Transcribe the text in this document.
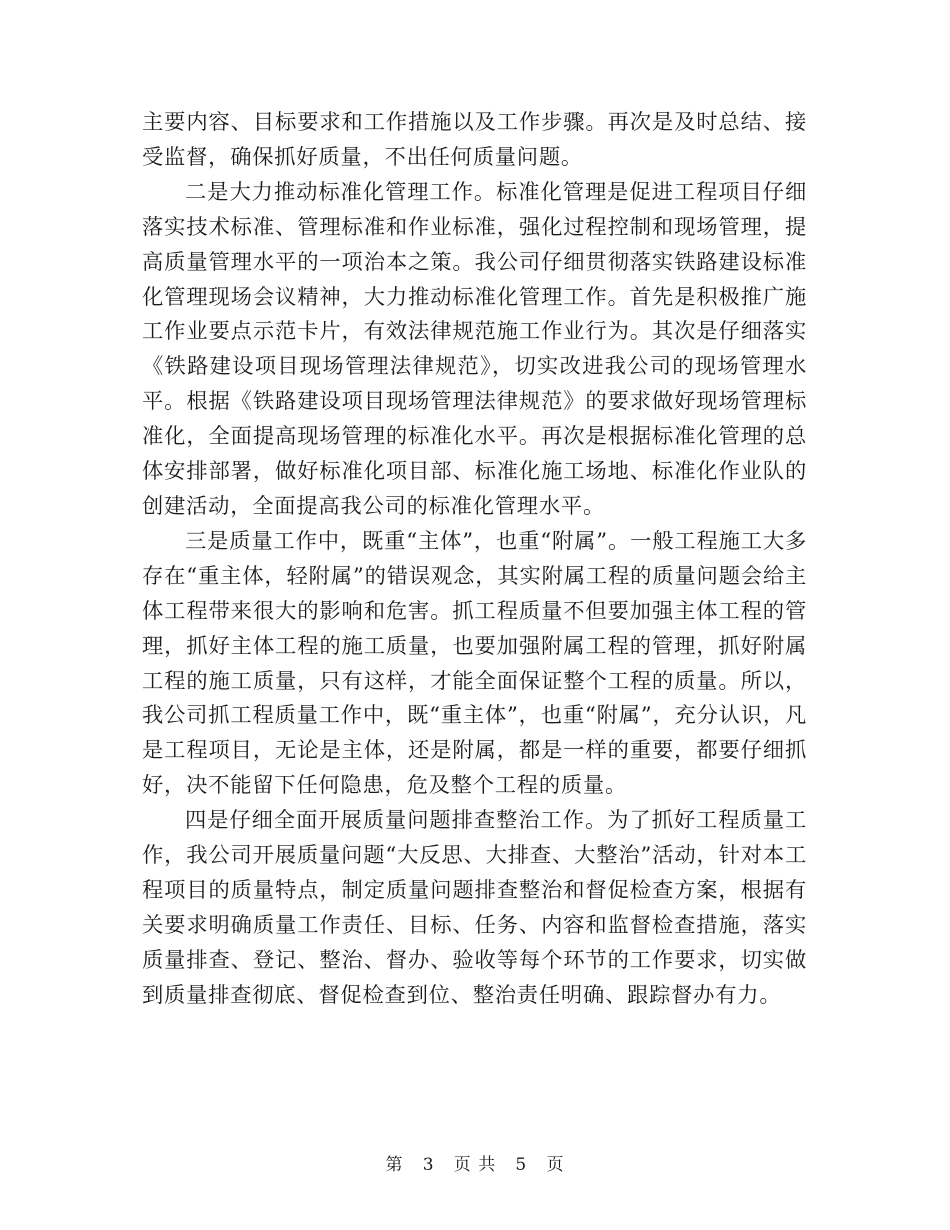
主要内容、目标要求和工作措施以及工作步骤。再次是及时总结、接受监督，确保抓好质量，不出任何质量问题。

二是大力推动标准化管理工作。标准化管理是促进工程项目仔细落实技术标准、管理标准和作业标准，强化过程控制和现场管理，提高质量管理水平的一项治本之策。我公司仔细贯彻落实铁路建设标准化管理现场会议精神，大力推动标准化管理工作。首先是积极推广施工作业要点示范卡片，有效法律规范施工作业行为。其次是仔细落实《铁路建设项目现场管理法律规范》，切实改进我公司的现场管理水平。根据《铁路建设项目现场管理法律规范》的要求做好现场管理标准化，全面提高现场管理的标准化水平。再次是根据标准化管理的总体安排部署，做好标准化项目部、标准化施工场地、标准化作业队的创建活动，全面提高我公司的标准化管理水平。

三是质量工作中，既重“主体”，也重“附属”。一般工程施工大多存在“重主体，轻附属”的错误观念，其实附属工程的质量问题会给主体工程带来很大的影响和危害。抓工程质量不但要加强主体工程的管理，抓好主体工程的施工质量，也要加强附属工程的管理，抓好附属工程的施工质量，只有这样，才能全面保证整个工程的质量。所以，我公司抓工程质量工作中，既“重主体”，也重“附属”，充分认识，凡是工程项目，无论是主体，还是附属，都是一样的重要，都要仔细抓好，决不能留下任何隐患，危及整个工程的质量。

四是仔细全面开展质量问题排查整治工作。为了抓好工程质量工作，我公司开展质量问题“大反思、大排查、大整治”活动，针对本工程项目的质量特点，制定质量问题排查整治和督促检查方案，根据有关要求明确质量工作责任、目标、任务、内容和监督检查措施，落实质量排查、登记、整治、督办、验收等每个环节的工作要求，切实做到质量排查彻底、督促检查到位、整治责任明确、跟踪督办有力。

第 3 页 共 5 页
